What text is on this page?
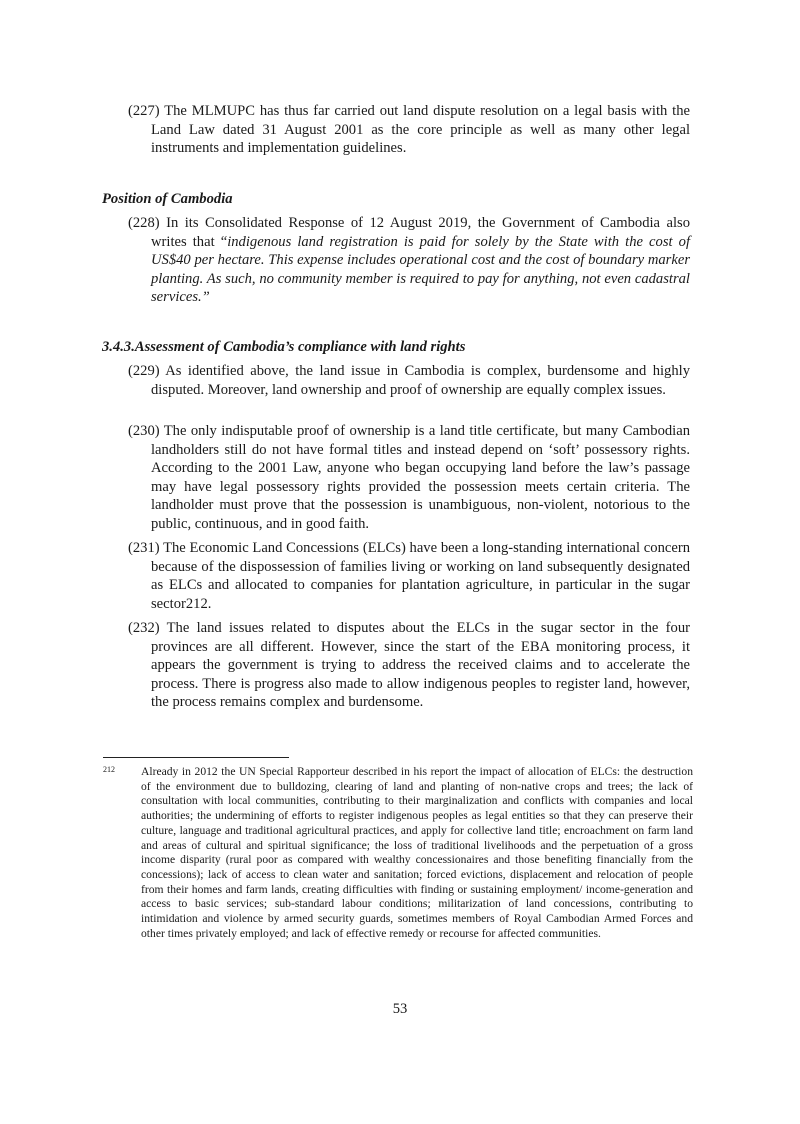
(227) The MLMUPC has thus far carried out land dispute resolution on a legal basis with the Land Law dated 31 August 2001 as the core principle as well as many other legal instruments and implementation guidelines.
Position of Cambodia
(228) In its Consolidated Response of 12 August 2019, the Government of Cambodia also writes that “indigenous land registration is paid for solely by the State with the cost of US$40 per hectare. This expense includes operational cost and the cost of boundary marker planting. As such, no community member is required to pay for anything, not even cadastral services.”
3.4.3.Assessment of Cambodia’s compliance with land rights
(229) As identified above, the land issue in Cambodia is complex, burdensome and highly disputed. Moreover, land ownership and proof of ownership are equally complex issues.
(230) The only indisputable proof of ownership is a land title certificate, but many Cambodian landholders still do not have formal titles and instead depend on ‘soft’ possessory rights. According to the 2001 Law, anyone who began occupying land before the law’s passage may have legal possessory rights provided the possession meets certain criteria. The landholder must prove that the possession is unambiguous, non-violent, notorious to the public, continuous, and in good faith.
(231) The Economic Land Concessions (ELCs) have been a long-standing international concern because of the dispossession of families living or working on land subsequently designated as ELCs and allocated to companies for plantation agriculture, in particular in the sugar sector212.
(232) The land issues related to disputes about the ELCs in the sugar sector in the four provinces are all different. However, since the start of the EBA monitoring process, it appears the government is trying to address the received claims and to accelerate the process. There is progress also made to allow indigenous peoples to register land, however, the process remains complex and burdensome.
212 Already in 2012 the UN Special Rapporteur described in his report the impact of allocation of ELCs: the destruction of the environment due to bulldozing, clearing of land and planting of non-native crops and trees; the lack of consultation with local communities, contributing to their marginalization and conflicts with companies and local authorities; the undermining of efforts to register indigenous peoples as legal entities so that they can preserve their culture, language and traditional agricultural practices, and apply for collective land title; encroachment on farm land and areas of cultural and spiritual significance; the loss of traditional livelihoods and the perpetuation of a gross income disparity (rural poor as compared with wealthy concessionaires and those benefiting financially from the concessions); lack of access to clean water and sanitation; forced evictions, displacement and relocation of people from their homes and farm lands, creating difficulties with finding or sustaining employment/ income-generation and access to basic services; sub-standard labour conditions; militarization of land concessions, contributing to intimidation and violence by armed security guards, sometimes members of Royal Cambodian Armed Forces and other times privately employed; and lack of effective remedy or recourse for affected communities.
53
